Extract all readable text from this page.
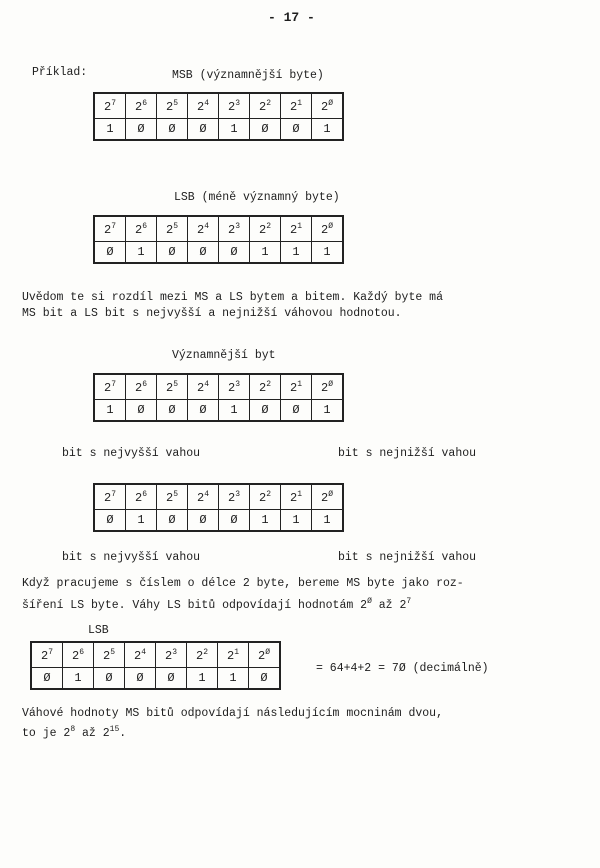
- 17 -
Příklad:	MSB (významnější byte)
$2^7$	$2^6$	$2^5$	$2^4$	$2^3$	$2^2$	$2^1$	$2^Ø$
1	Ø	Ø	Ø	1	Ø	Ø	1
LSB (méně významný byte)
$2^7$	$2^6$	$2^5$	$2^4$	$2^3$	$2^2$	$2^1$	$2^Ø$
Ø	1	Ø	Ø	Ø	1	1	1
Uvědom te si rozdíl mezi MS a LS bytem a bitem. Každý byte má
MS bit a LS bit s nejvyšší a nejnižší váhovou hodnotou.
Významnější byt
$2^7$	$2^6$	$2^5$	$2^4$	$2^3$	$2^2$	$2^1$	$2^Ø$
1	Ø	Ø	Ø	1	Ø	Ø	1
bit s nejvyšší vahou	bit s nejnižší vahou
$2^7$	$2^6$	$2^5$	$2^4$	$2^3$	$2^2$	$2^1$	$2^Ø$
Ø	1	Ø	Ø	Ø	1	1	1
bit s nejvyšší vahou	bit s nejnižší vahou
Když pracujeme s číslem o délce 2 byte, bereme MS byte jako roz-
šíření LS byte. Váhy LS bitů odpovídají hodnotám $2^Ø$ až $2^7$
LSB
$2^7$	$2^6$	$2^5$	$2^4$	$2^3$	$2^2$	$2^1$	$2^Ø$
Ø	1	Ø	Ø	Ø	1	1	Ø
= 64+4+2 = 7Ø (decimálně)
Váhové hodnoty MS bitů odpovídají následujícím mocninám dvou,
to je $2^8$ až $2^{15}$.
